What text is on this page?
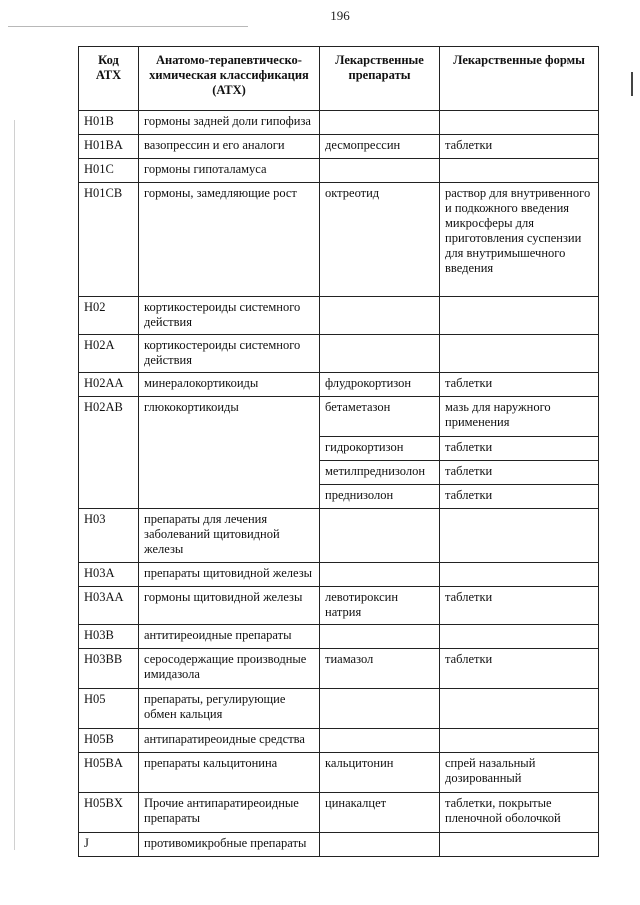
196
Код АТХ	Анатомо-терапевтическо-химическая классификация (АТХ)	Лекарственные препараты	Лекарственные формы
H01B	гормоны задней доли гипофиза		
H01BA	вазопрессин и его аналоги	десмопрессин	таблетки
H01C	гормоны гипоталамуса		
H01CB	гормоны, замедляющие рост	октреотид	раствор для внутривенного и подкожного введения микросферы для приготовления суспензии для внутримышечного введения
H02	кортикостероиды системного действия		
H02A	кортикостероиды системного действия		
H02AA	минералокортикоиды	флудрокортизон	таблетки
H02AB	глюкокортикоиды	бетаметазон	мазь для наружного применения
		гидрокортизон	таблетки
		метилпреднизолон	таблетки
		преднизолон	таблетки
H03	препараты для лечения заболеваний щитовидной железы		
H03A	препараты щитовидной железы		
H03AA	гормоны щитовидной железы	левотироксин натрия	таблетки
H03B	антитиреоидные препараты		
H03BB	серосодержащие производные имидазола	тиамазол	таблетки
H05	препараты, регулирующие обмен кальция		
H05B	антипаратиреоидные средства		
H05BA	препараты кальцитонина	кальцитонин	спрей назальный дозированный
H05BX	Прочие антипаратиреоидные препараты	цинакалцет	таблетки, покрытые пленочной оболочкой
J	противомикробные препараты		
